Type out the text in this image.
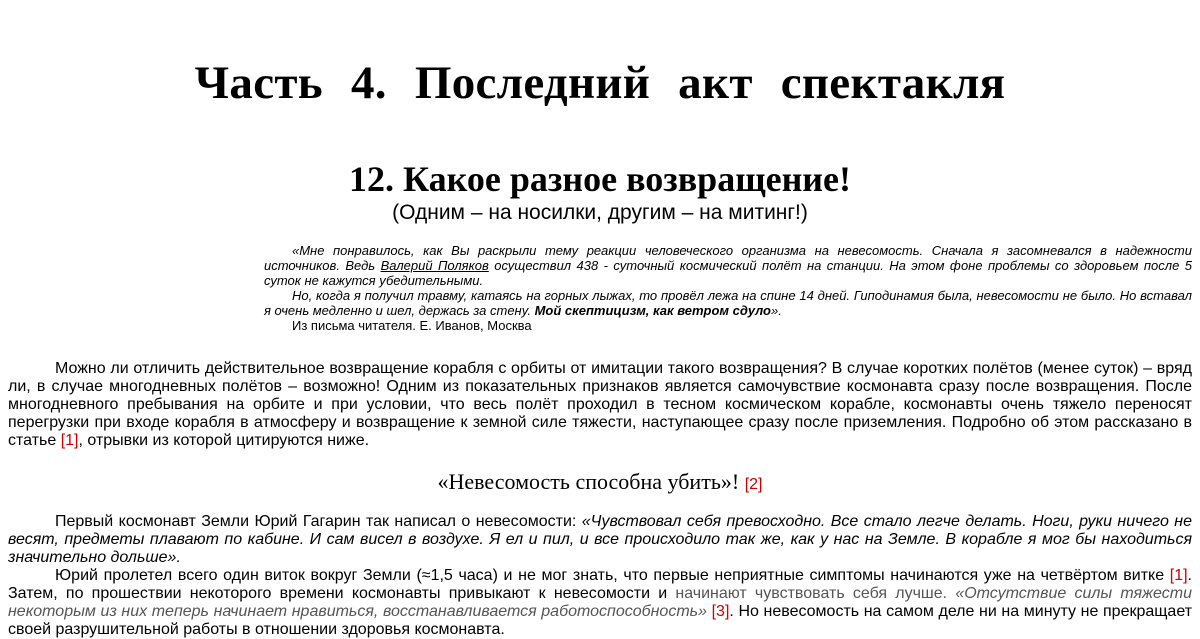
Часть 4. Последний акт спектакля
12. Какое разное возвращение!
(Одним – на носилки, другим – на митинг!)

«Мне понравилось, как Вы раскрыли тему реакции человеческого организма на невесомость. Сначала я засомневался в надежности источников. Ведь Валерий Поляков осуществил 438 - суточный космический полёт на станции. На этом фоне проблемы со здоровьем после 5 суток не кажутся убедительными.

Но, когда я получил травму, катаясь на горных лыжах, то провёл лежа на спине 14 дней. Гиподинамия была, невесомости не было. Но вставал я очень медленно и шел, держась за стену. Мой скептицизм, как ветром сдуло».

Из письма читателя. Е. Иванов, Москва

Можно ли отличить действительное возвращение корабля с орбиты от имитации такого возвращения? В случае коротких полётов (менее суток) – вряд ли, в случае многодневных полётов – возможно! Одним из показательных признаков является самочувствие космонавта сразу после возвращения. После многодневного пребывания на орбите и при условии, что весь полёт проходил в тесном космическом корабле, космонавты очень тяжело переносят перегрузки при входе корабля в атмосферу и возвращение к земной силе тяжести, наступающее сразу после приземления. Подробно об этом рассказано в статье [1], отрывки из которой цитируются ниже.

«Невесомость способна убить»! [2]

Первый космонавт Земли Юрий Гагарин так написал о невесомости: «Чувствовал себя превосходно. Все стало легче делать. Ноги, руки ничего не весят, предметы плавают по кабине. И сам висел в воздухе. Я ел и пил, и все происходило так же, как у нас на Земле. В корабле я мог бы находиться значительно дольше».

Юрий пролетел всего один виток вокруг Земли (≈1,5 часа) и не мог знать, что первые неприятные симптомы начинаются уже на четвёртом витке [1]. Затем, по прошествии некоторого времени космонавты привыкают к невесомости и начинают чувствовать себя лучше. «Отсутствие силы тяжести некоторым из них теперь начинает нравиться, восстанавливается работоспособность» [3]. Но невесомость на самом деле ни на минуту не прекращает своей разрушительной работы в отношении здоровья космонавта.
